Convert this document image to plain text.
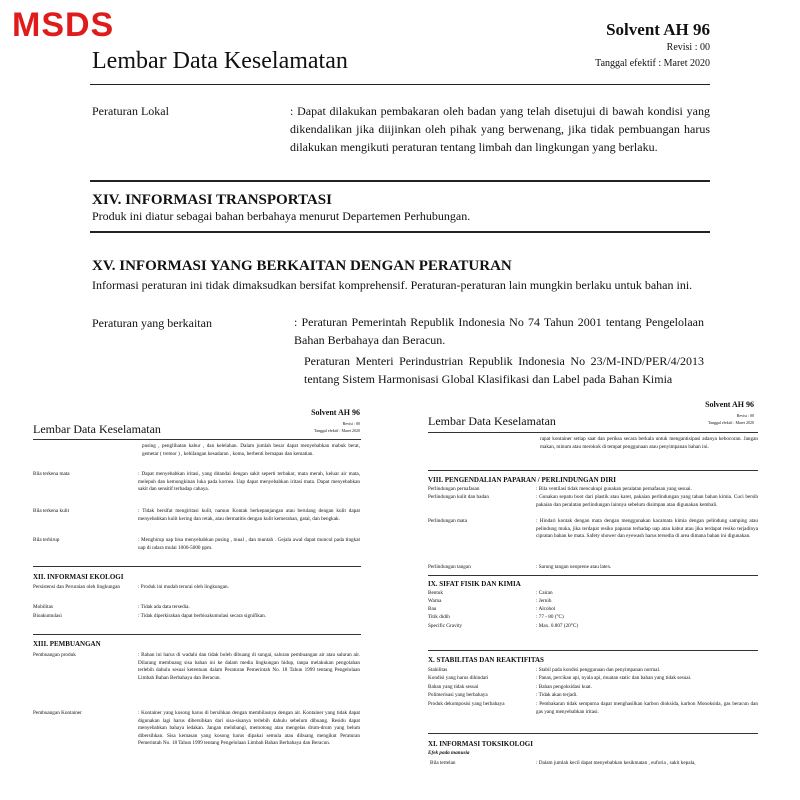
MSDS
Lembar Data Keselamatan
Solvent AH 96
Revisi : 00
Tanggal efektif : Maret 2020
Peraturan Lokal	: Dapat dilakukan pembakaran oleh badan yang telah disetujui di bawah kondisi yang dikendalikan jika diijinkan oleh pihak yang berwenang, jika tidak pembuangan harus dilakukan mengikuti peraturan tentang limbah dan lingkungan yang berlaku.
XIV. INFORMASI TRANSPORTASI
Produk ini diatur sebagai bahan berbahaya menurut Departemen Perhubungan.
XV. INFORMASI YANG BERKAITAN DENGAN PERATURAN
Informasi peraturan ini tidak dimaksudkan bersifat komprehensif. Peraturan-peraturan lain mungkin berlaku untuk bahan ini.
Peraturan yang berkaitan	: Peraturan Pemerintah Republik Indonesia No 74 Tahun 2001 tentang Pengelolaan Bahan Berbahaya dan Beracun.
Peraturan Menteri Perindustrian Republik Indonesia No 23/M-IND/PER/4/2013 tentang Sistem Harmonisasi Global Klasifikasi dan Label pada Bahan Kimia
Lembar Data Keselamatan
Solvent AH 96
Revisi : 00
Tanggal efektif : Maret 2020
pusing , penglihatan kabur , dan kelelahan. Dalam jumlah besar dapat menyebabkan mabuk berat, gemetar ( tremor ) , kehilangan kesadaran , koma, berhenti bernapas dan kematian.
Bila terkena mata	: Dapat menyebabkan iritasi, yang ditandai dengan sakit seperti terbakar, mata merah, keluar air mata, melepuh dan kemungkinan luka pada kornea. Uap dapat menyebabkan iritasi mata. Dapat menyebabkan sakit dan sensitif terhadap cahaya.
Bila terkena kulit	: Tidak bersifat mengiritasi kulit, namun Kontak berkepanjangan atau berulang dengan kulit dapat menyebabkan kulit kering dan retak, atau dermatitis dengan kulit kemerahan, gatal, dan bengkak.
Bila terhirup	: Menghirup uap bisa menyebabkan pusing , mual , dan muntah . Gejala awal dapat muncul pada tingkat uap di udara mulai 1000-5000 ppm.
XII. INFORMASI EKOLOGI
Persistensi dan Peruraian oleh lingkungan	: Produk ini mudah terurai oleh lingkungan.
Mobilitas	: Tidak ada data tersedia.
Bioakumulasi	: Tidak diperkirakan dapat berbioakumulasi secara signifikan.
XIII. PEMBUANGAN
Pembuangan produk	: Bahan ini harus di wadahi dan tidak boleh dibuang di sungai, saluran pembuangan air atau saluran air. Dilarang membuang sisa bahan ini ke dalam media lingkungan hidup, tanpa melakukan pengolahan terlebih dahulu sesuai ketentuan dalam Peraturan Pemerintah No. 18 Tahun 1999 tentang Pengelolaan Limbah Bahan Berbahaya dan Beracun.
Pembuangan Kontainer	: Kontainer yang kosong harus di bersihkan dengan membilasnya dengan air. Kontainer yang tidak dapat digunakan lagi harus dibersihkan dari sisa-sisanya terlebih dahulu sebelum dibuang. Residu dapat menyebabkan bahaya ledakan. Jangan melubangi, memotong atau mengelas drum-drum yang belum dibersihkan. Sisa kemasan yang kosong harus dipakai semula atau dibuang mengikut Peraturan Pemerintah No. 18 Tahun 1999 tentang Pengelolaan Limbah Bahan Berbahaya dan Beracun.
Lembar Data Keselamatan
Solvent AH 96
Revisi : 00
Tanggal efektif : Maret 2020
rapat kontainer setiap saat dan periksa secara berkala untuk mengantisipasi adanya kebocoran. Jangan makan, minum atau merokok di tempat penggunaan atau penyimpanan bahan ini.
VIII. PENGENDALIAN PAPARAN / PERLINDUNGAN DIRI
Perlindungan pernafasan	: Bila ventilasi tidak mencukupi gunakan peralatan pernafasan yang sesuai.
Perlindungan kulit dan badan	: Gunakan sepatu boot dari plastik atau karet, pakaian perlindungan yang tahan bahan kimia. Cuci bersih pakaian dan peralatan perlindungan lainnya sebelum disimpan atau digunakan kembali.
Perlindungan mata	: Hindari kontak dengan mata dengan menggunakan kacamata kimia dengan pelindung samping atau pelindung muka, jika terdapat resiko paparan terhadap uap atau kabut atau jika terdapat resiko terjadinya cipratan bahan ke mata. Safety shower dan eyewash harus tersedia di area dimana bahan ini digunakan.
Perlindungan tangan	: Sarung tangan neoprene atau latex.
IX. SIFAT FISIK DAN KIMIA
Bentuk	: Cairan
Warna	: Jernih
Bau	: Alcohol
Titik didih	: 77 - 80 (°C)
Specific Gravity	: Max. 0.807 (20°C)
X. STABILITAS DAN REAKTIFITAS
Stabilitas	: Stabil pada kondisi penggunaan dan penyimpanan normal.
Kondisi yang harus dihindari	: Panas, percikan api, nyala api, muatan static dan bahan yang tidak sesuai.
Bahan yang tidak sesuai	: Bahan pengoksidasi kuat.
Polimerisasi yang berbahaya	: Tidak akan terjadi.
Produk dekomposisi yang berbahaya	: Pembakaran tidak sempurna dapat menghasilkan karbon dioksida, karbon Monoksida, gas beracun dan gas yang menyebabkan iritasi.
XI. INFORMASI TOKSIKOLOGI
Efek pada manusia
Bila tertelan	: Dalam jumlah kecil dapat menyebabkan kesikmatan , euforia , sakit kepala,
